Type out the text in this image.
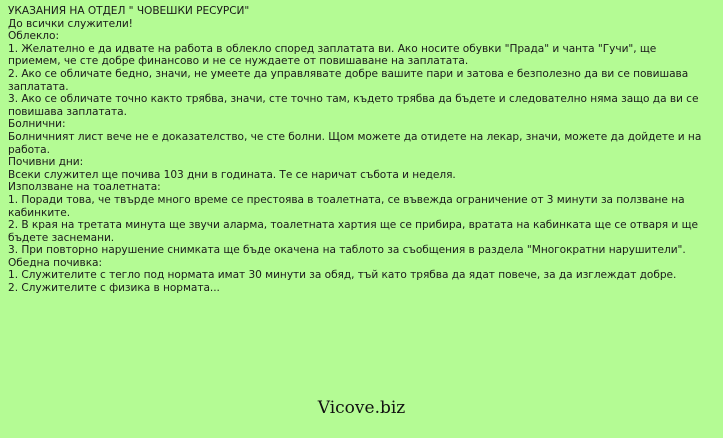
УКАЗАНИЯ НА ОТДЕЛ " ЧОВЕШКИ РЕСУРСИ"
До всички служители!
Облекло:
1. Желателно е да идвате на работа в облекло според заплатата ви. Ако носите обувки "Прада" и чанта "Гучи", ще приемем, че сте добре финансово и не се нуждаете от повишаване на заплатата.
2. Ако се обличате бедно, значи, не умеете да управлявате добре вашите пари и затова е безполезно да ви се повишава заплатата.
3. Ако се обличате точно както трябва, значи, сте точно там, където трябва да бъдете и следователно няма защо да ви се повишава заплатата.
Болнични:
Болничният лист вече не е доказателство, че сте болни. Щом можете да отидете на лекар, значи, можете да дойдете и на работа.
Почивни дни:
Всеки служител ще почива 103 дни в годината. Те се наричат събота и неделя.
Използване на тоалетната:
1. Поради това, че твърде много време се престоява в тоалетната, се въвежда ограничение от 3 минути за ползване на кабинките.
2. В края на третата минута ще звучи аларма, тоалетната хартия ще се прибира, вратата на кабинката ще се отваря и ще бъдете заснемани.
3. При повторно нарушение снимката ще бъде окачена на таблото за съобщения в раздела "Многократни нарушители".
Обедна почивка:
1. Служителите с тегло под нормата имат 30 минути за обяд, тъй като трябва да ядат повече, за да изглеждат добре.
2. Служителите с физика в нормата...
Vicove.biz
